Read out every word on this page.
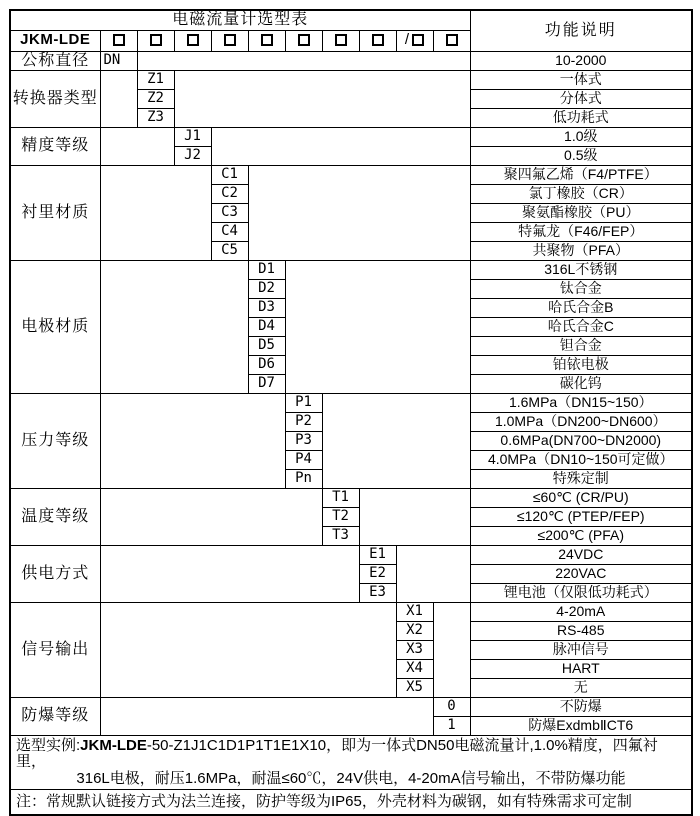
电磁流量计选型表											功能说明
JKM-LDE									/		
公称直径	DN										10-2000
转换器类型		Z1									一体式
		Z2									分体式
		Z3									低功耗式
精度等级			J1								1.0级
			J2								0.5级
衬里材质				C1							聚四氟乙烯（F4/PTFE）
				C2							氯丁橡胶（CR）
				C3							聚氨酯橡胶（PU）
				C4							特氟龙（F46/FEP）
				C5							共聚物（PFA）
电极材质					D1						316L不锈钢
					D2						钛合金
					D3						哈氏合金B
					D4						哈氏合金C
					D5						钽合金
					D6						铂铱电极
					D7						碳化钨
压力等级						P1					1.6MPa（DN15~150）
						P2					1.0MPa（DN200~DN600）
						P3					0.6MPa(DN700~DN2000)
						P4					4.0MPa（DN10~150可定做）
						Pn					特殊定制
温度等级							T1				≤60℃ (CR/PU)
							T2				≤120℃ (PTEP/FEP)
							T3				≤200℃ (PFA)
供电方式								E1			24VDC
								E2			220VAC
								E3			锂电池（仅限低功耗式）
信号输出									X1		4-20mA
									X2		RS-485
									X3		脉冲信号
									X4		HART
									X5		无
防爆等级										0	不防爆
										1	防爆ExdmbⅡCT6

选型实例:JKM-LDE-50-Z1J1C1D1P1T1E1X10，即为一体式DN50电磁流量计,1.0%精度，四氟衬里，
316L电极，耐压1.6MPa，耐温≤60℃，24V供电，4-20mA信号输出，不带防爆功能											

注：常规默认链接方式为法兰连接，防护等级为IP65，外壳材料为碳钢，如有特殊需求可定制											
